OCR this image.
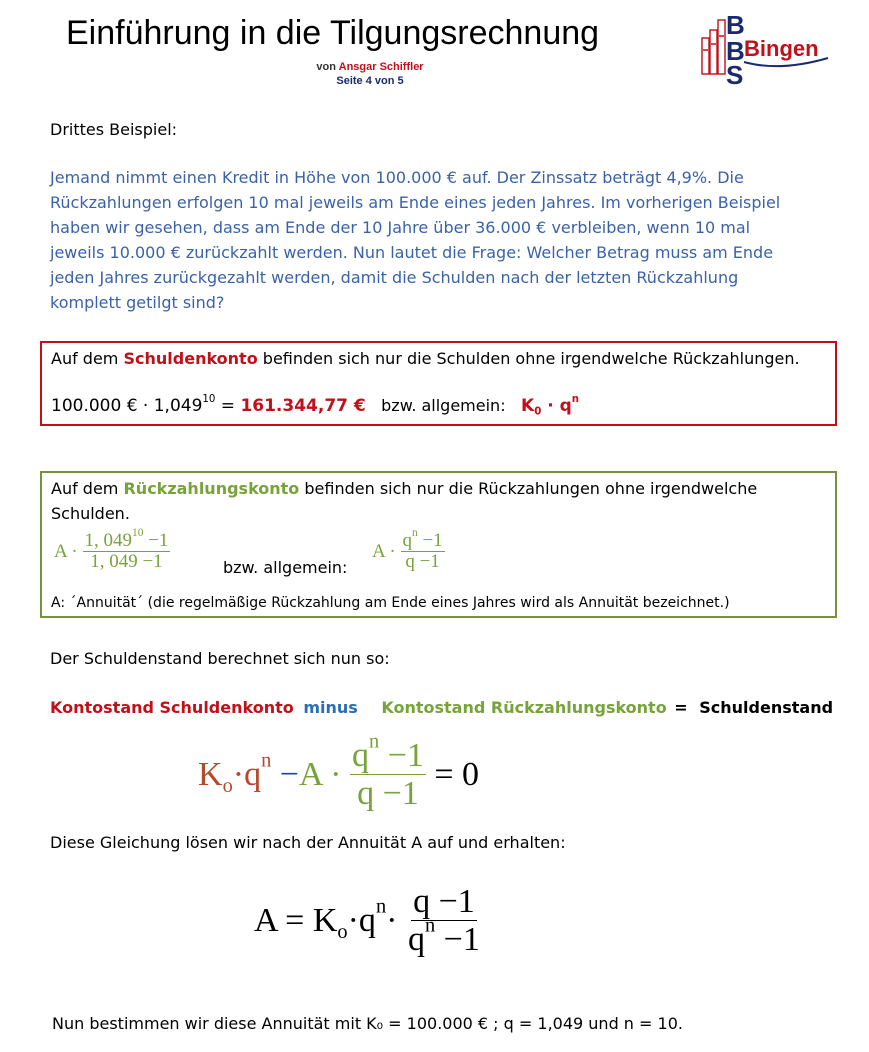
Einführung in die Tilgungsrechnung
von Ansgar Schiffler
Seite 4 von 5
B
B
S
Bingen
Drittes Beispiel:
Jemand nimmt einen Kredit in Höhe von 100.000 € auf. Der Zinssatz beträgt 4,9%. Die
Rückzahlungen erfolgen 10 mal jeweils am Ende eines jeden Jahres. Im vorherigen Beispiel
haben wir gesehen, dass am Ende der 10 Jahre über 36.000 € verbleiben, wenn 10 mal
jeweils 10.000 € zurückzahlt werden. Nun lautet die Frage: Welcher Betrag muss am Ende
jeden Jahres zurückgezahlt werden, damit die Schulden nach der letzten Rückzahlung
komplett getilgt sind?
Auf dem Schuldenkonto befinden sich nur die Schulden ohne irgendwelche Rückzahlungen.
100.000 € · $1,049^{10} = 161.344,77$ € bzw. allgemein: $K_0 \cdot q^n$
Auf dem Rückzahlungskonto befinden sich nur die Rückzahlungen ohne irgendwelche
Schulden.
$A \cdot \frac{1, 049^{10} -1}{1, 049 -1}$	bzw. allgemein:
$A \cdot \frac{q^n -1}{q -1}$
A: ´Annuität´ (die regelmäßige Rückzahlung am Ende eines Jahres wird als Annuität bezeichnet.)
Der Schuldenstand berechnet sich nun so:
Kontostand Schuldenkonto minus Kontostand Rückzahlungskonto = Schuldenstand
$K_o\cdot q^n -A \cdot \frac{q^n -1}{q -1} = 0$
Diese Gleichung lösen wir nach der Annuität A auf und erhalten:
$A = K_o\cdot q^n\cdot \frac{q -1}{q^n -1}$
Nun bestimmen wir diese Annuität mit K₀ = 100.000 € ; q = 1,049 und n = 10.
